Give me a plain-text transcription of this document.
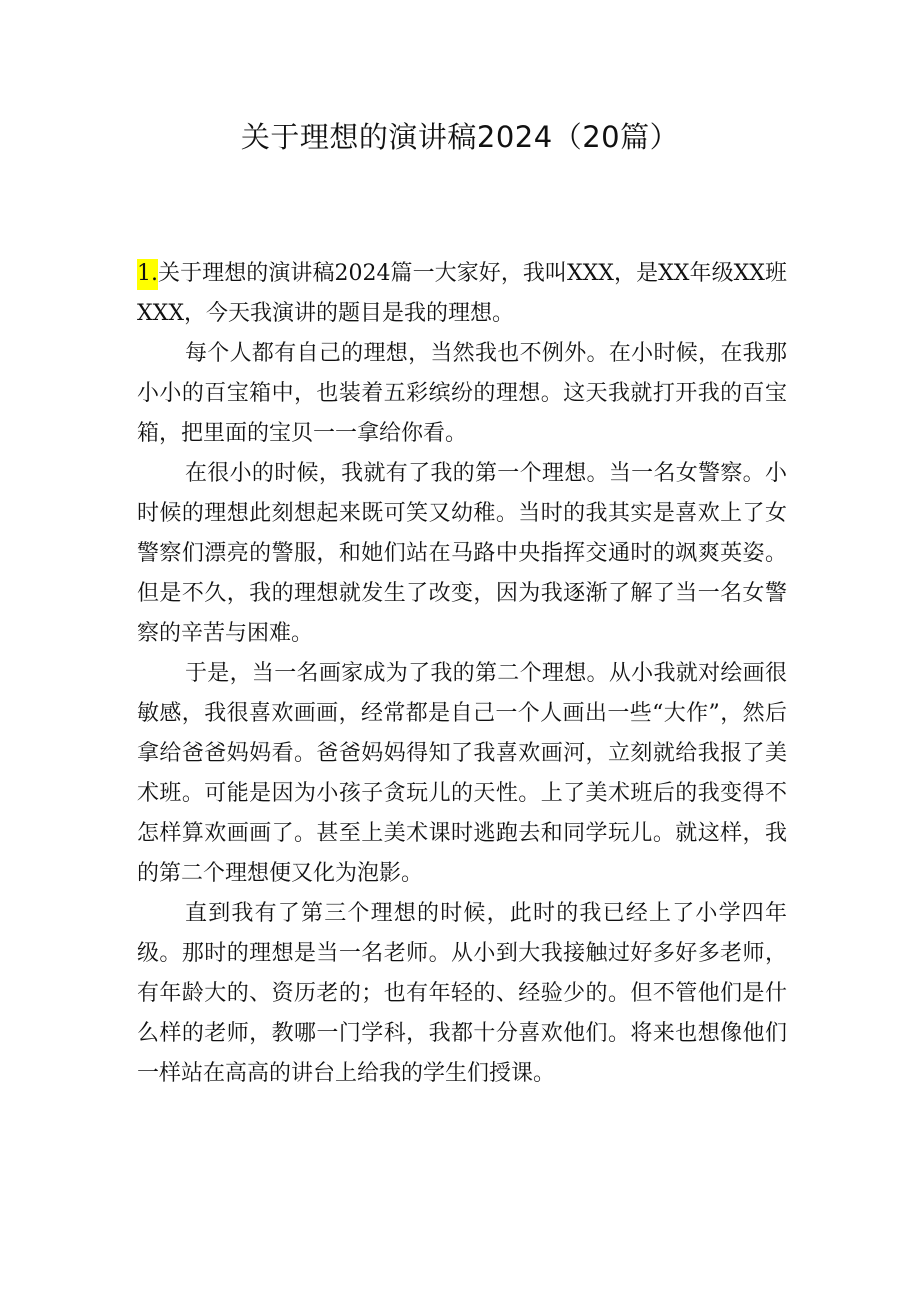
关于理想的演讲稿2024（20篇）

1.关于理想的演讲稿2024篇一大家好，我叫XXX，是XX年级XX班XXX，今天我演讲的题目是我的理想。

每个人都有自己的理想，当然我也不例外。在小时候，在我那小小的百宝箱中，也装着五彩缤纷的理想。这天我就打开我的百宝箱，把里面的宝贝一一拿给你看。

在很小的时候，我就有了我的第一个理想。当一名女警察。小时候的理想此刻想起来既可笑又幼稚。当时的我其实是喜欢上了女警察们漂亮的警服，和她们站在马路中央指挥交通时的飒爽英姿。但是不久，我的理想就发生了改变，因为我逐渐了解了当一名女警察的辛苦与困难。

于是，当一名画家成为了我的第二个理想。从小我就对绘画很敏感，我很喜欢画画，经常都是自己一个人画出一些“大作”，然后拿给爸爸妈妈看。爸爸妈妈得知了我喜欢画河，立刻就给我报了美术班。可能是因为小孩子贪玩儿的天性。上了美术班后的我变得不怎样算欢画画了。甚至上美术课时逃跑去和同学玩儿。就这样，我的第二个理想便又化为泡影。

直到我有了第三个理想的时候，此时的我已经上了小学四年级。那时的理想是当一名老师。从小到大我接触过好多好多老师，有年龄大的、资历老的；也有年轻的、经验少的。但不管他们是什么样的老师，教哪一门学科，我都十分喜欢他们。将来也想像他们一样站在高高的讲台上给我的学生们授课。
